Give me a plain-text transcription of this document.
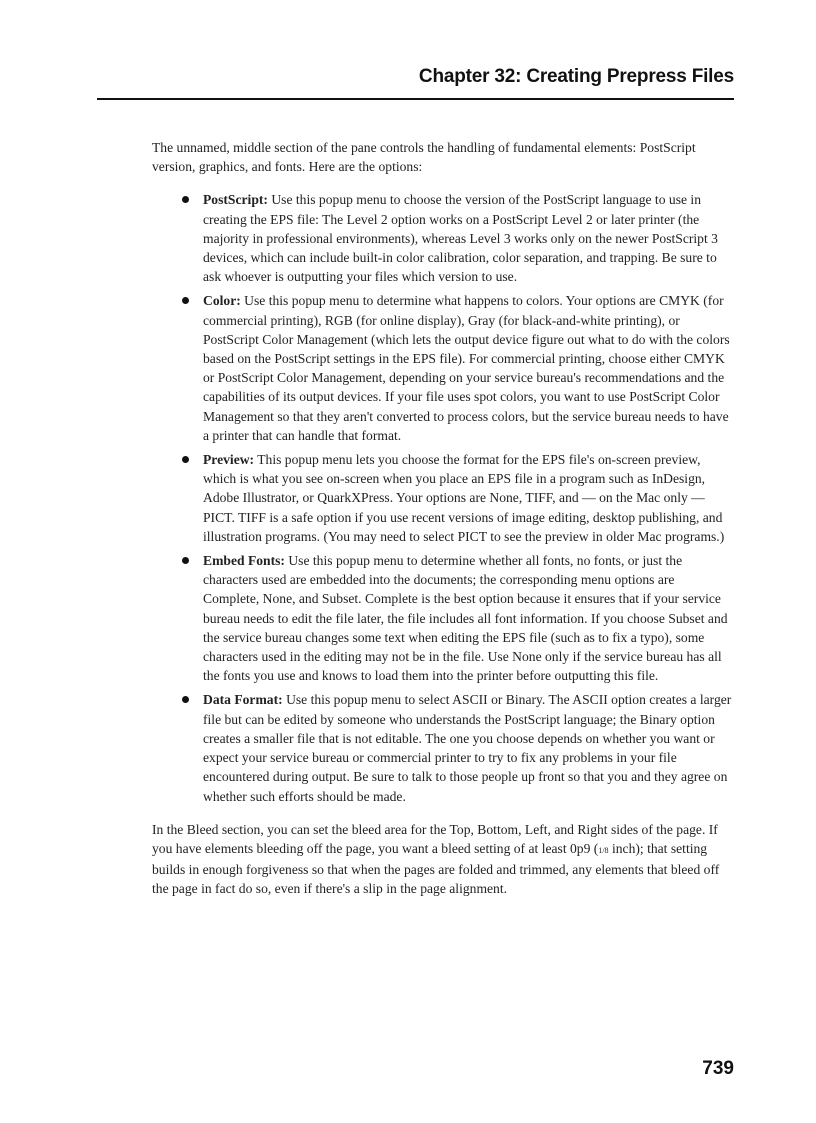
Chapter 32: Creating Prepress Files

The unnamed, middle section of the pane controls the handling of fundamental elements: PostScript version, graphics, and fonts. Here are the options:

PostScript: Use this popup menu to choose the version of the PostScript language to use in creating the EPS file: The Level 2 option works on a PostScript Level 2 or later printer (the majority in professional environments), whereas Level 3 works only on the newer PostScript 3 devices, which can include built-in color calibration, color separation, and trapping. Be sure to ask whoever is outputting your files which version to use.
Color: Use this popup menu to determine what happens to colors. Your options are CMYK (for commercial printing), RGB (for online display), Gray (for black-and-white printing), or PostScript Color Management (which lets the output device figure out what to do with the colors based on the PostScript settings in the EPS file). For commercial printing, choose either CMYK or PostScript Color Management, depending on your service bureau's recommendations and the capabilities of its output devices. If your file uses spot colors, you want to use PostScript Color Management so that they aren't converted to process colors, but the service bureau needs to have a printer that can handle that format.
Preview: This popup menu lets you choose the format for the EPS file's on-screen preview, which is what you see on-screen when you place an EPS file in a program such as InDesign, Adobe Illustrator, or QuarkXPress. Your options are None, TIFF, and — on the Mac only — PICT. TIFF is a safe option if you use recent versions of image editing, desktop publishing, and illustration programs. (You may need to select PICT to see the preview in older Mac programs.)
Embed Fonts: Use this popup menu to determine whether all fonts, no fonts, or just the characters used are embedded into the documents; the corresponding menu options are Complete, None, and Subset. Complete is the best option because it ensures that if your service bureau needs to edit the file later, the file includes all font information. If you choose Subset and the service bureau changes some text when editing the EPS file (such as to fix a typo), some characters used in the editing may not be in the file. Use None only if the service bureau has all the fonts you use and knows to load them into the printer before outputting this file.
Data Format: Use this popup menu to select ASCII or Binary. The ASCII option creates a larger file but can be edited by someone who understands the PostScript language; the Binary option creates a smaller file that is not editable. The one you choose depends on whether you want or expect your service bureau or commercial printer to try to fix any problems in your file encountered during output. Be sure to talk to those people up front so that you and they agree on whether such efforts should be made.

In the Bleed section, you can set the bleed area for the Top, Bottom, Left, and Right sides of the page. If you have elements bleeding off the page, you want a bleed setting of at least 0p9 (1/8 inch); that setting builds in enough forgiveness so that when the pages are folded and trimmed, any elements that bleed off the page in fact do so, even if there's a slip in the page alignment.

739
